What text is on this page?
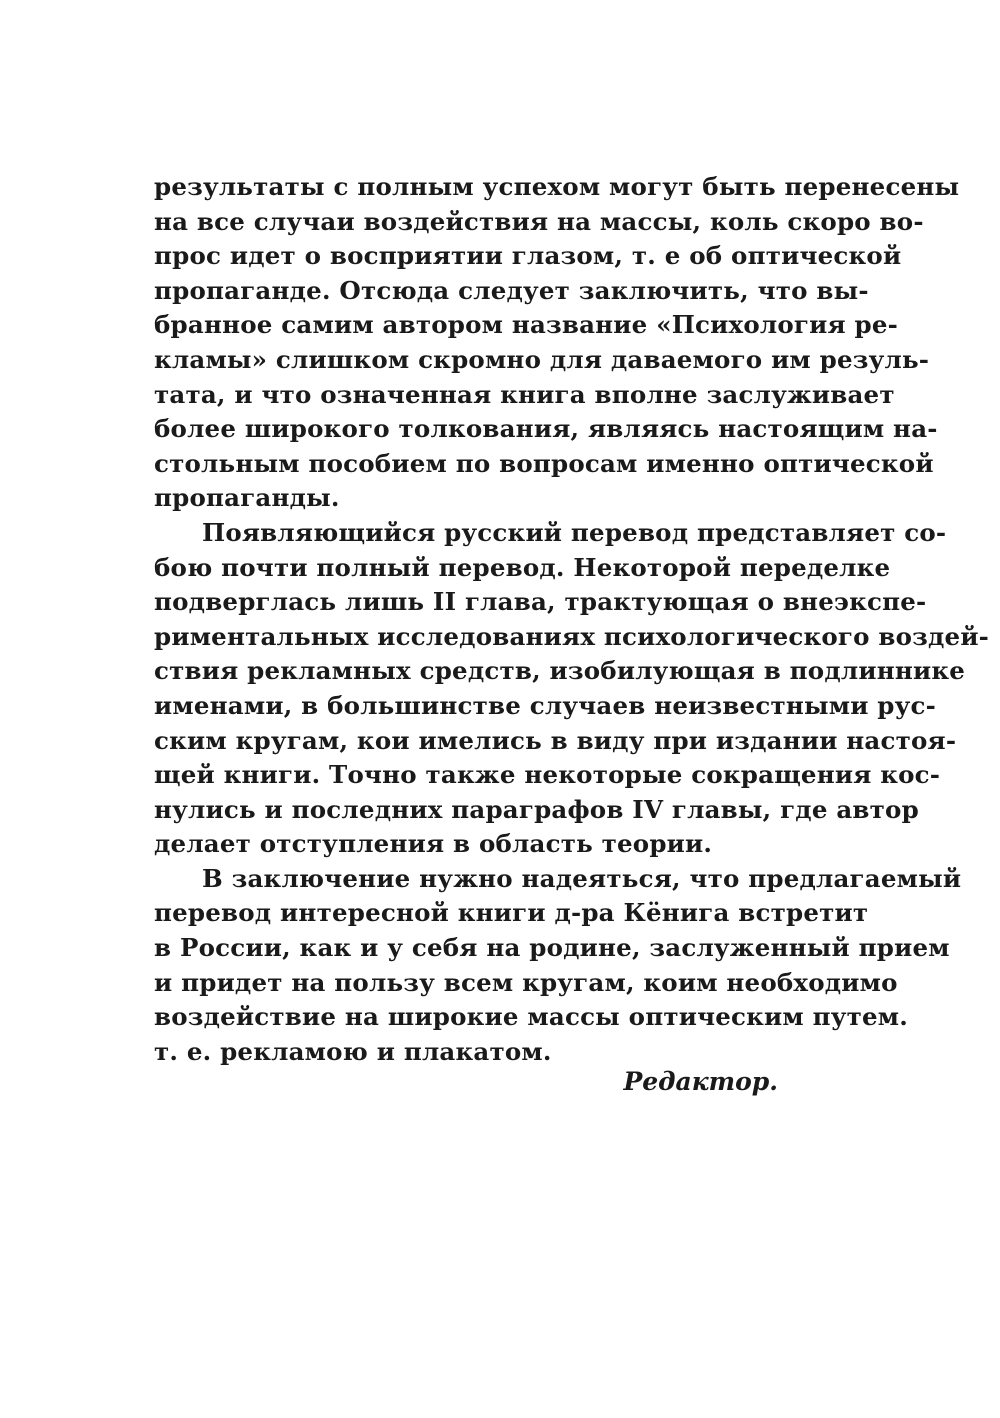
результаты с полным успехом могут быть перенесены
на все случаи воздействия на массы, коль скоро во-
прос идет о восприятии глазом, т. е об оптической
пропаганде. Отсюда следует заключить, что вы-
бранное самим автором название «Психология ре-
кламы» слишком скромно для даваемого им резуль-
тата, и что означенная книга вполне заслуживает
более широкого толкования, являясь настоящим на-
стольным пособием по вопросам именно оптической
пропаганды.
Появляющийся русский перевод представляет со-
бою почти полный перевод. Некоторой переделке
подверглась лишь II глава, трактующая о внеэкспе-
риментальных исследованиях психологического воздей-
ствия рекламных средств, изобилующая в подлиннике
именами, в большинстве случаев неизвестными рус-
ским кругам, кои имелись в виду при издании настоя-
щей книги. Точно также некоторые сокращения кос-
нулись и последних параграфов IV главы, где автор
делает отступления в область теории.
В заключение нужно надеяться, что предлагаемый
перевод интересной книги д-ра Кёнига встретит
в России, как и у себя на родине, заслуженный прием
и придет на пользу всем кругам, коим необходимо
воздействие на широкие массы оптическим путем.
т. е. рекламою и плакатом.
Редактор.
